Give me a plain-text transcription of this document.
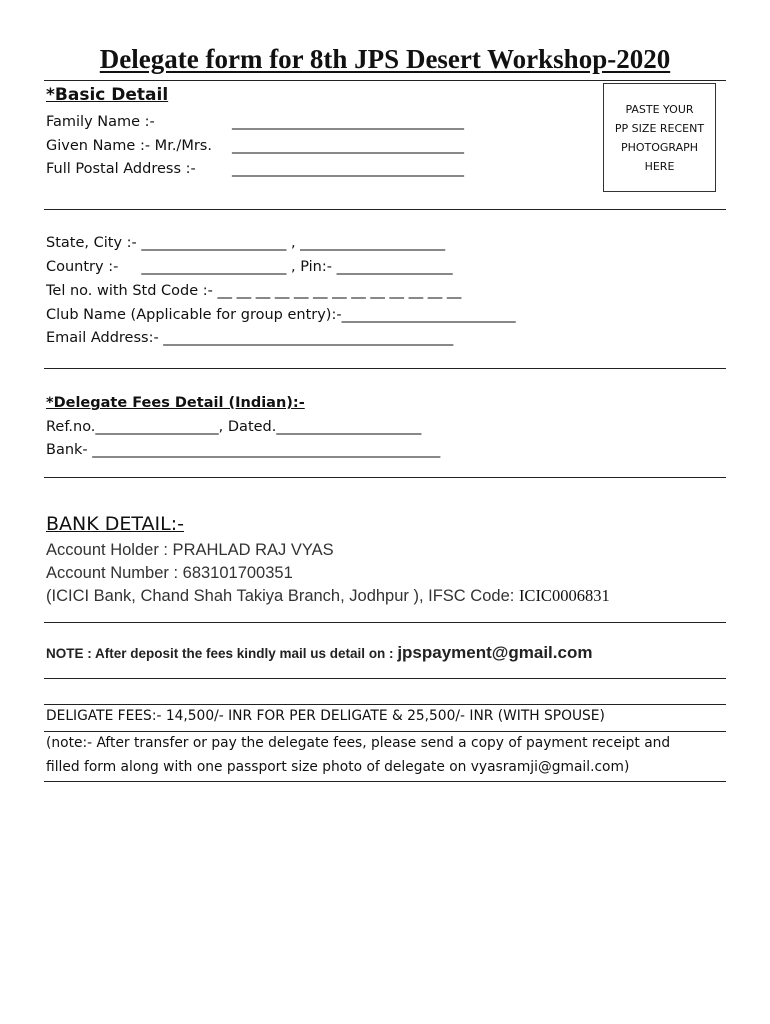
Delegate form for 8th JPS Desert Workshop-2020
*Basic Detail
Family Name :-	________________________________
Given Name :- Mr./Mrs. ________________________________
Full Postal Address :-	________________________________
PASTE YOUR
PP SIZE RECENT
PHOTOGRAPH
HERE
State, City :- ____________________ , ____________________
Country :-     ____________________ , Pin:- ________________
Tel no. with Std Code :- __ __ __ __ __ __ __ __ __ __ __ __ __
Club Name (Applicable for group entry):-________________________
Email Address:- ________________________________________
*Delegate Fees Detail (Indian):-
Ref.no._________________, Dated.____________________
Bank- ________________________________________________
BANK DETAIL:-
Account Holder : PRAHLAD RAJ VYAS
Account Number : 683101700351
(ICICI Bank, Chand Shah Takiya Branch, Jodhpur ), IFSC Code: ICIC0006831
NOTE : After deposit the fees kindly mail us detail on : jpspayment@gmail.com
DELIGATE FEES:- 14,500/- INR FOR PER DELIGATE & 25,500/- INR (WITH SPOUSE)
(note:- After transfer or pay the delegate fees, please send a copy of payment receipt and
filled form along with one passport size photo of delegate on vyasramji@gmail.com)
